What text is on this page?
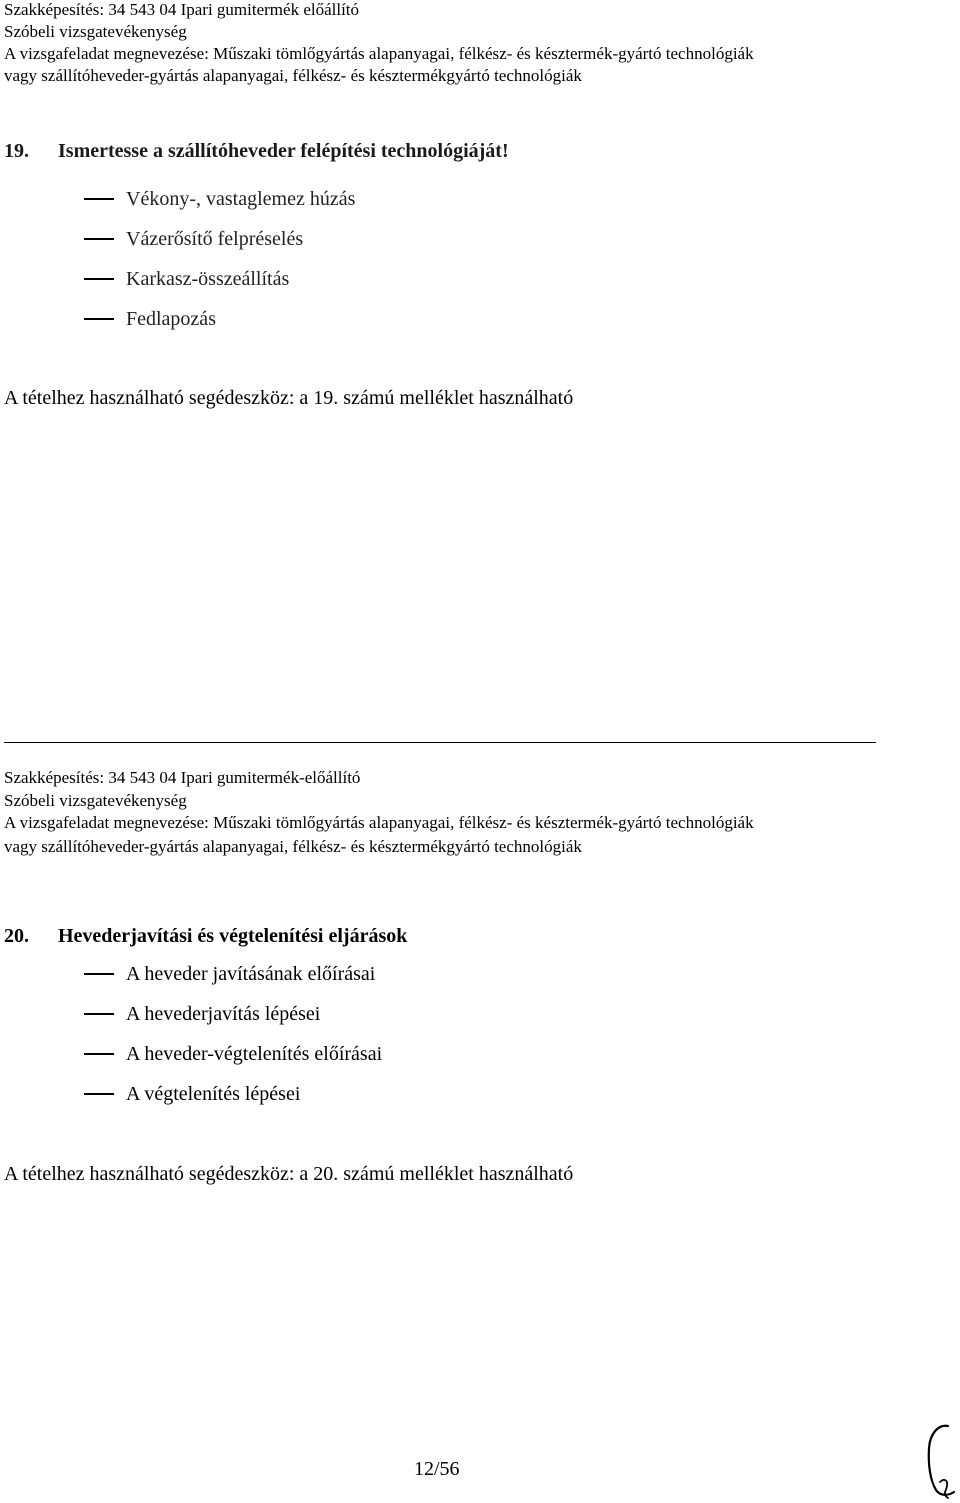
Szakképesítés: 34 543 04 Ipari gumitermék előállító
Szóbeli vizsgatevékenység
A vizsgafeladat megnevezése: Műszaki tömlőgyártás alapanyagai, félkész- és késztermék-gyártó technológiák
vagy szállítóheveder-gyártás alapanyagai, félkész- és késztermékgyártó technológiák
19. Ismertesse a szállítóheveder felépítési technológiáját!
Vékony-, vastaglemez húzás
Vázerősítő felpréselés
Karkasz-összeállítás
Fedlapozás
A tételhez használható segédeszköz: a 19. számú melléklet használható
Szakképesítés: 34 543 04 Ipari gumitermék-előállító
Szóbeli vizsgatevékenység
A vizsgafeladat megnevezése: Műszaki tömlőgyártás alapanyagai, félkész- és késztermék-gyártó technológiák
vagy szállítóheveder-gyártás alapanyagai, félkész- és késztermékgyártó technológiák
20. Hevederjavítási és végtelenítési eljárások
A heveder javításának előírásai
A hevederjavítás lépései
A heveder-végtelenítés előírásai
A végtelenítés lépései
A tételhez használható segédeszköz: a 20. számú melléklet használható
12/56
